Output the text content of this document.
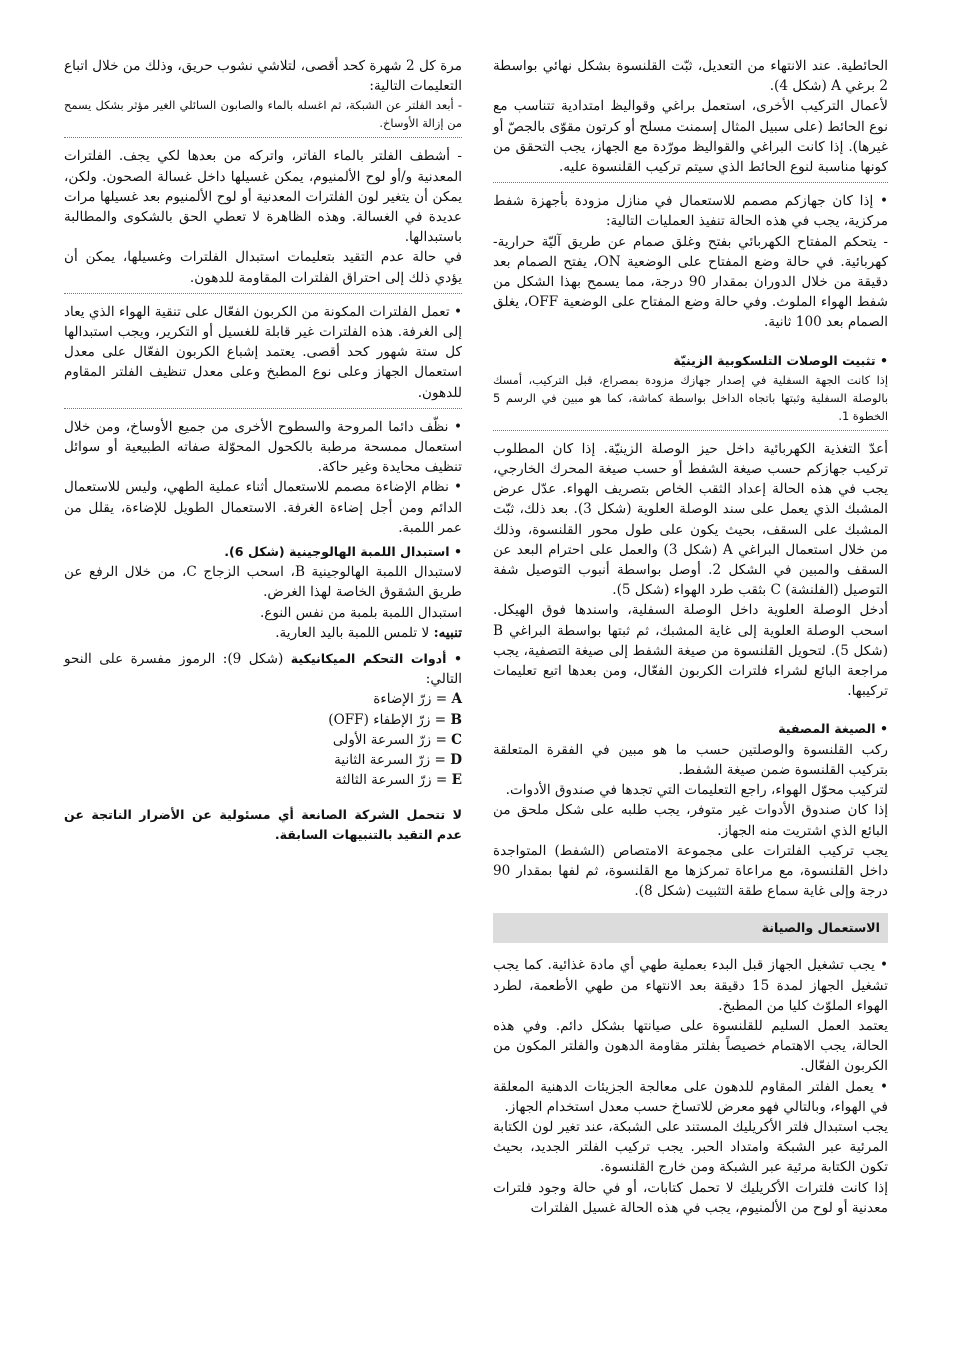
الحائطية. عند الانتهاء من التعديل، ثبّت القلنسوة بشكل نهائي بواسطة 2 برغي A (شكل 4).

لأعمال التركيب الأخرى، استعمل براغي وقواليظ امتدادية تتناسب مع نوع الحائط (على سبيل المثال إسمنت مسلح أو كرتون مقوّى بالجصّ أو غيرها). إذا كانت البراغي والقواليظ مورّدة مع الجهاز، يجب التحقق من كونها مناسبة لنوع الحائط الذي سيتم تركيب القلنسوة عليه.

• إذا كان جهازكم مصمم للاستعمال في منازل مزودة بأجهزة شفط مركزية، يجب في هذه الحالة تنفيذ العمليات التالية:

- يتحكم المفتاح الكهربائي بفتح وغلق صمام عن طريق آليّة حرارية-كهربائية. في حالة وضع المفتاح على الوضعية ON، يفتح الصمام بعد دقيقة من خلال الدوران بمقدار 90 درجة، مما يسمح بهذا الشكل من شفط الهواء الملوث. وفي حالة وضع المفتاح على الوضعية OFF، يغلق الصمام بعد 100 ثانية.

• تثبيت الوصلات التلسكوبية الزينيّة

إذا كانت الجهة السفلية في إصدار جهازك مزودة بمصراع، قبل التركيب، أمسك بالوصلة السفلية وثبتها باتجاه الداخل بواسطة كماشة، كما هو مبين في الرسم 5 الخطوة 1.

أعدّ التغذية الكهربائية داخل حيز الوصلة الزينيّة. إذا كان المطلوب تركيب جهازكم حسب صيغة الشفط أو حسب صيغة المحرك الخارجي، يجب في هذه الحالة إعداد الثقب الخاص بتصريف الهواء. عدّل عرض المشبك الذي يعمل على سند الوصلة العلوية (شكل 3). بعد ذلك، ثبّت المشبك على السقف، بحيث يكون على طول محور القلنسوة، وذلك من خلال استعمال البراغي A (شكل 3) والعمل على احترام البعد عن السقف والمبين في الشكل 2. أوصل بواسطة أنبوب التوصيل شفة التوصيل (الفلنشة) C بثقب طرد الهواء (شكل 5).

أدخل الوصلة العلوية داخل الوصلة السفلية، واسندها فوق الهيكل. اسحب الوصلة العلوية إلى غاية المشبك، ثم ثبتها بواسطة البراغي B (شكل 5). لتحويل القلنسوة من صيغة الشفط إلى صيغة التصفية، يجب مراجعة البائع لشراء فلترات الكربون الفعّال، ومن بعدها اتبع تعليمات تركيبها.

• الصيغة المصفية

ركب القلنسوة والوصلتين حسب ما هو مبين في الفقرة المتعلقة بتركيب القلنسوة ضمن صيغة الشفط.

لتركيب محوّل الهواء، راجع التعليمات التي تجدها في صندوق الأدوات.

إذا كان صندوق الأدوات غير متوفر، يجب طلبه على شكل ملحق من البائع الذي اشتريت منه الجهاز.

يجب تركيب الفلترات على مجموعة الامتصاص (الشفط) المتواجدة داخل القلنسوة، مع مراعاة تمركزها مع القلنسوة، ثم لفها بمقدار 90 درجة وإلى غاية سماع طقة التثبيت (شكل 8).

الاستعمال والصيانة

• يجب تشغيل الجهاز قبل البدء بعملية طهي أي مادة غذائية. كما يجب تشغيل الجهاز لمدة 15 دقيقة بعد الانتهاء من طهي الأطعمة، لطرد الهواء الملوّث كليا من المطبخ.

يعتمد العمل السليم للقلنسوة على صيانتها بشكل دائم. وفي هذه الحالة، يجب الاهتمام خصيصاً بفلتر مقاومة الدهون والفلتر المكون من الكربون الفعّال.

• يعمل الفلتر المقاوم للدهون على معالجة الجزيئات الدهنية المعلقة في الهواء، وبالتالي فهو معرض للاتساخ حسب معدل استخدام الجهاز.

يجب استبدال فلتر الأكريليك المستند على الشبكة، عند تغير لون الكتابة المرئية عبر الشبكة وامتداد الحبر. يجب تركيب الفلتر الجديد، بحيث تكون الكتابة مرئية عبر الشبكة ومن خارج القلنسوة.

إذا كانت فلترات الأكريليك لا تحمل كتابات، أو في حالة وجود فلترات معدنية أو لوح من الألمنيوم، يجب في هذه الحالة غسيل الفلترات

مرة كل 2 شهرة كحد أقصى، لتلاشي نشوب حريق، وذلك من خلال اتباع التعليمات التالية:

- أبعد الفلتر عن الشبكة، ثم اغسله بالماء والصابون السائلي الغير مؤثر بشكل يسمح من إزالة الأوساخ.

- أشطف الفلتر بالماء الفاتر، واتركه من بعدها لكي يجف. الفلترات المعدنية و/أو لوح الألمنيوم، يمكن غسيلها داخل غسالة الصحون. ولكن، يمكن أن يتغير لون الفلترات المعدنية أو لوح الألمنيوم بعد غسيلها مرات عديدة في الغسالة. وهذه الظاهرة لا تعطي الحق بالشكوى والمطالبة باستبدالها.

في حالة عدم التقيد بتعليمات استبدال الفلترات وغسيلها، يمكن أن يؤدي ذلك إلى احتراق الفلترات المقاومة للدهون.

• تعمل الفلترات المكونة من الكربون الفعّال على تنقية الهواء الذي يعاد إلى الغرفة. هذه الفلترات غير قابلة للغسيل أو التكرير، ويجب استبدالها كل ستة شهور كحد أقصى. يعتمد إشباع الكربون الفعّال على معدل استعمال الجهاز وعلى نوع المطبخ وعلى معدل تنظيف الفلتر المقاوم للدهون.

• نظّف دائما المروحة والسطوح الأخرى من جميع الأوساخ، ومن خلال استعمال ممسحة مرطبة بالكحول المحوّلة صفاته الطبيعية أو سوائل تنظيف محايدة وغير حاكة.

• نظام الإضاءة مصمم للاستعمال أثناء عملية الطهي، وليس للاستعمال الدائم ومن أجل إضاءة الغرفة. الاستعمال الطويل للإضاءة، يقلل من عمر اللمبة.

• استبدال اللمبة الهالوجينية (شكل 6).

لاستبدال اللمبة الهالوجينية B، اسحب الزجاج C، من خلال الرفع عن طريق الشقوق الخاصة لهذا الغرض.

استبدال اللمبة بلمبة من نفس النوع.

تنبيه: لا تلمس اللمبة باليد العارية.

• أدوات التحكم الميكانيكية (شكل 9): الرموز مفسرة على النحو التالي:

A = زرّ الإضاءة

B = زرّ الإطفاء (OFF)

C = زرّ السرعة الأولى

D = زرّ السرعة الثانية

E = زرّ السرعة الثالثة

لا تتحمل الشركة الصانعة أي مسئولية عن الأضرار الناتجة عن عدم التقيد بالتنبيهات السابقة.
